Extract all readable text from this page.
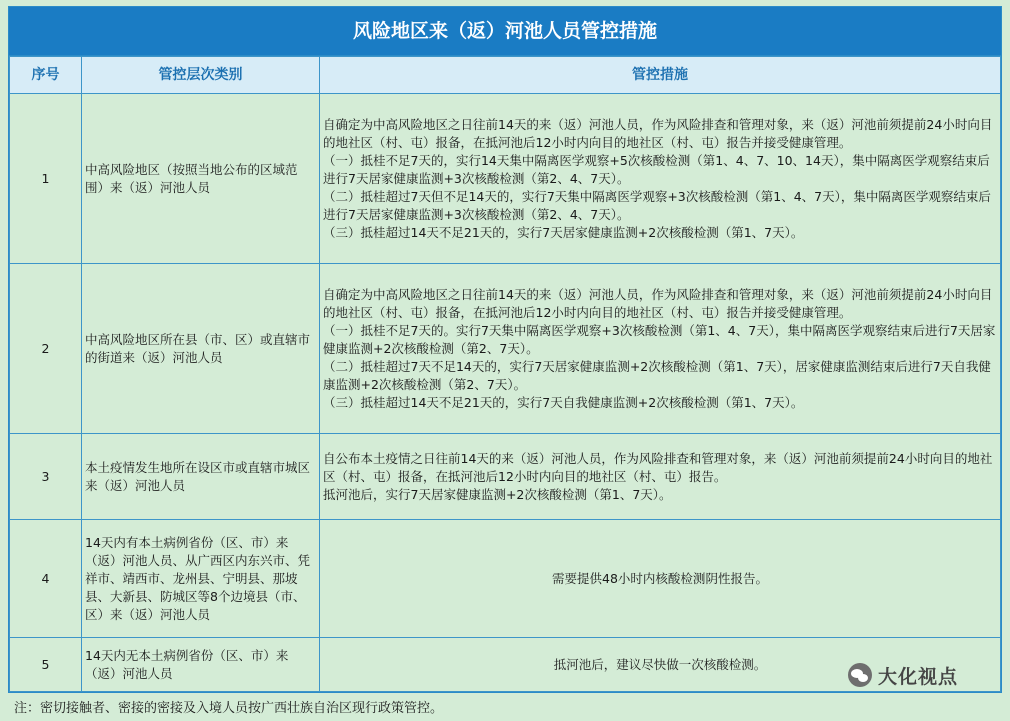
风险地区来（返）河池人员管控措施
序号	管控层次类别	管控措施
1	中高风险地区（按照当地公布的区域范围）来（返）河池人员	自确定为中高风险地区之日往前14天的来（返）河池人员，作为风险排查和管理对象，来（返）河池前须提前24小时向目的地社区（村、屯）报备，在抵河池后12小时内向目的地社区（村、屯）报告并接受健康管理。
（一）抵桂不足7天的，实行14天集中隔离医学观察+5次核酸检测（第1、4、7、10、14天），集中隔离医学观察结束后进行7天居家健康监测+3次核酸检测（第2、4、7天）。
（二）抵桂超过7天但不足14天的，实行7天集中隔离医学观察+3次核酸检测（第1、4、7天），集中隔离医学观察结束后进行7天居家健康监测+3次核酸检测（第2、4、7天）。
（三）抵桂超过14天不足21天的，实行7天居家健康监测+2次核酸检测（第1、7天）。

2	中高风险地区所在县（市、区）或直辖市的街道来（返）河池人员	自确定为中高风险地区之日往前14天的来（返）河池人员，作为风险排查和管理对象，来（返）河池前须提前24小时向目的地社区（村、屯）报备，在抵河池后12小时内向目的地社区（村、屯）报告并接受健康管理。
（一）抵桂不足7天的。实行7天集中隔离医学观察+3次核酸检测（第1、4、7天），集中隔离医学观察结束后进行7天居家健康监测+2次核酸检测（第2、7天）。
（二）抵桂超过7天不足14天的，实行7天居家健康监测+2次核酸检测（第1、7天），居家健康监测结束后进行7天自我健康监测+2次核酸检测（第2、7天）。
（三）抵桂超过14天不足21天的，实行7天自我健康监测+2次核酸检测（第1、7天）。

3	本土疫情发生地所在设区市或直辖市城区来（返）河池人员	自公布本土疫情之日往前14天的来（返）河池人员，作为风险排查和管理对象，来（返）河池前须提前24小时向目的地社区（村、屯）报备，在抵河池后12小时内向目的地社区（村、屯）报告。
抵河池后，实行7天居家健康监测+2次核酸检测（第1、7天）。

4	14天内有本土病例省份（区、市）来（返）河池人员、从广西区内东兴市、凭祥市、靖西市、龙州县、宁明县、那坡县、大新县、防城区等8个边境县（市、区）来（返）河池人员	需要提供48小时内核酸检测阴性报告。
5	14天内无本土病例省份（区、市）来（返）河池人员	抵河池后，建议尽快做一次核酸检测。
注：密切接触者、密接的密接及入境人员按广西壮族自治区现行政策管控。
大化视点
